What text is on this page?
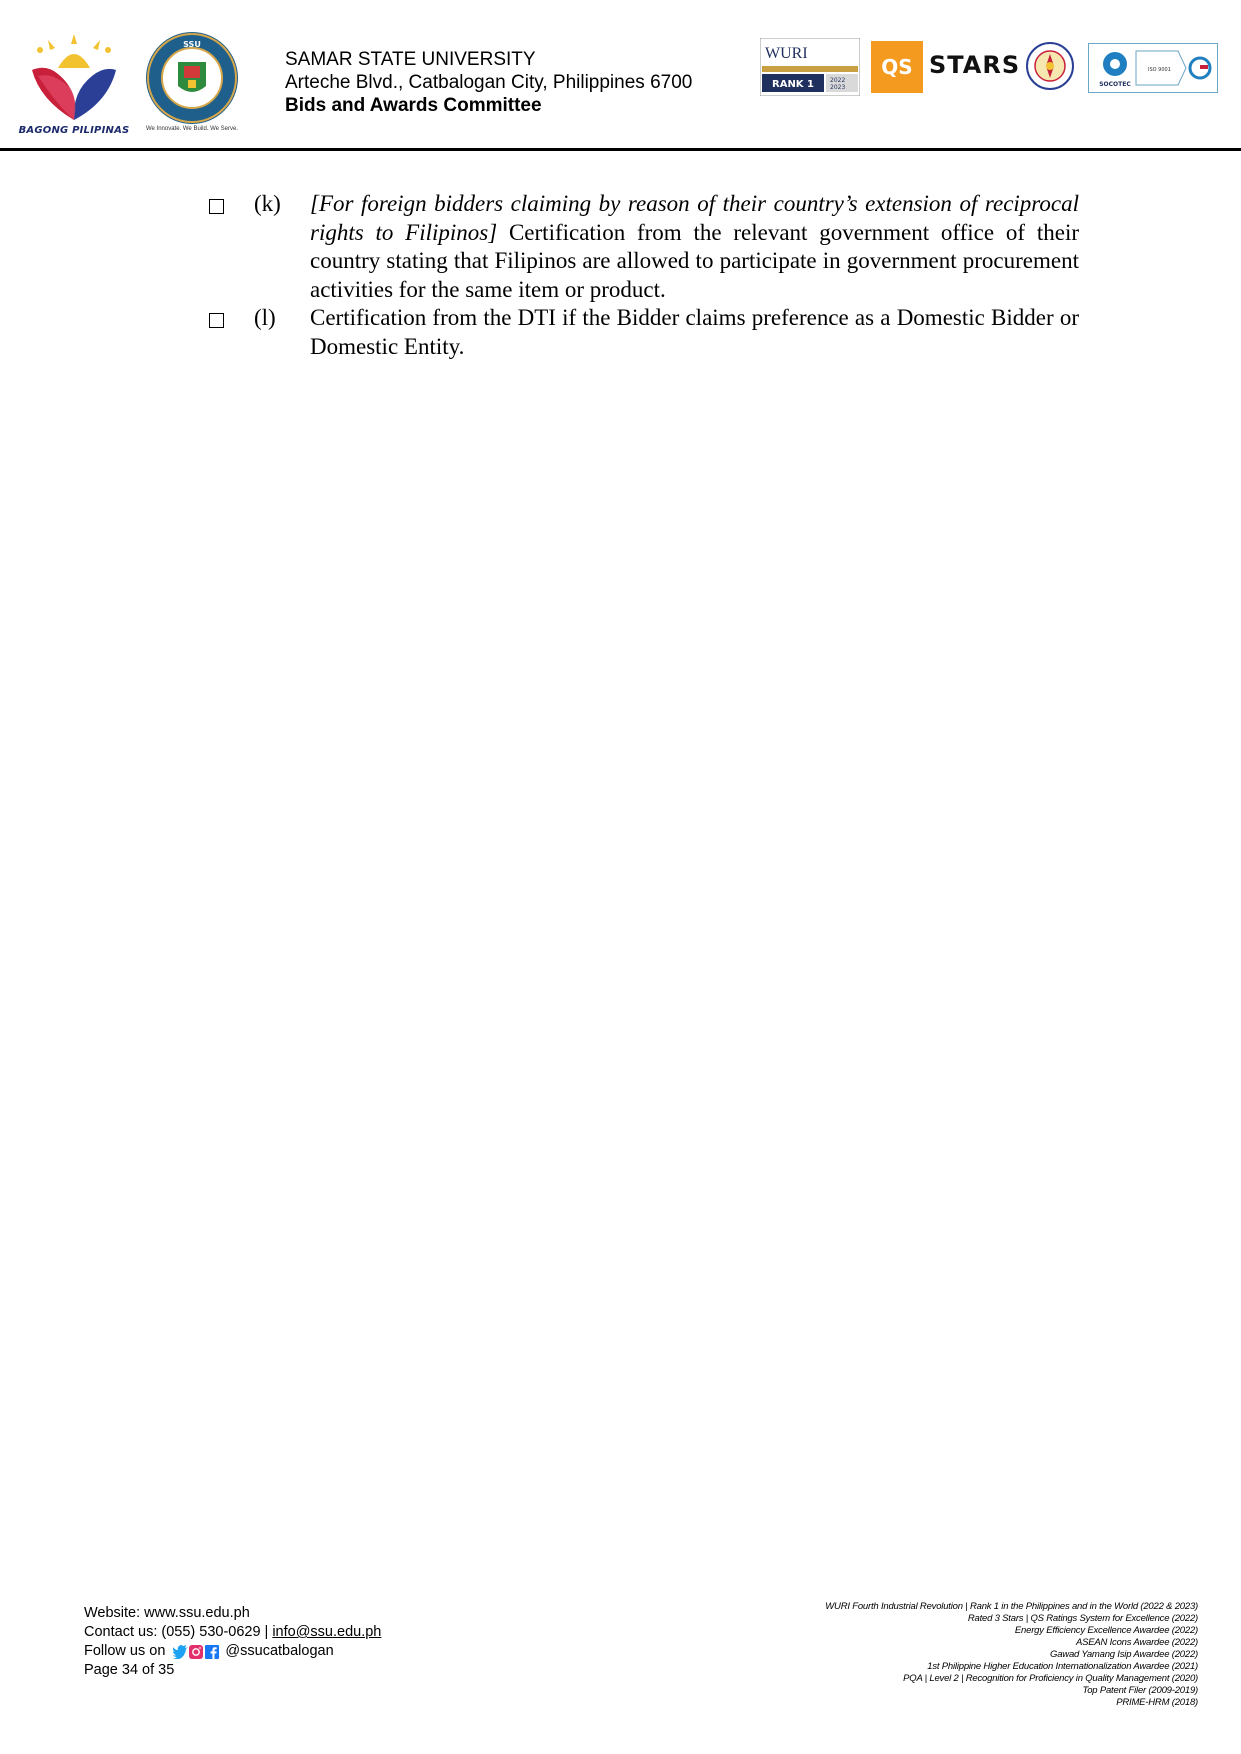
BAGONG PILIPINAS
SSU
We Innovate. We Build. We Serve.
SAMAR STATE UNIVERSITY
Arteche Blvd., Catbalogan City, Philippines 6700
Bids and Awards Committee
WURI
RANK 1	2022
2023
QS STARS
SOCOTEC
ISO 9001
(k) [For foreign bidders claiming by reason of their country’s extension of reciprocal rights to Filipinos] Certification from the relevant government office of their country stating that Filipinos are allowed to participate in government procurement activities for the same item or product.
(l) Certification from the DTI if the Bidder claims preference as a Domestic Bidder or Domestic Entity.
Website: www.ssu.edu.ph
Contact us: (055) 530-0629 | info@ssu.edu.ph
Follow us on	@ssucatbalogan
Page 34 of 35
WURI Fourth Industrial Revolution | Rank 1 in the Philippines and in the World (2022 & 2023)
Rated 3 Stars | QS Ratings System for Excellence (2022)
Energy Efficiency Excellence Awardee (2022)
ASEAN Icons Awardee (2022)
Gawad Yamang Isip Awardee (2022)
1st Philippine Higher Education Internationalization Awardee (2021)
PQA | Level 2 | Recognition for Proficiency in Quality Management (2020)
Top Patent Filer (2009-2019)
PRIME-HRM (2018)
